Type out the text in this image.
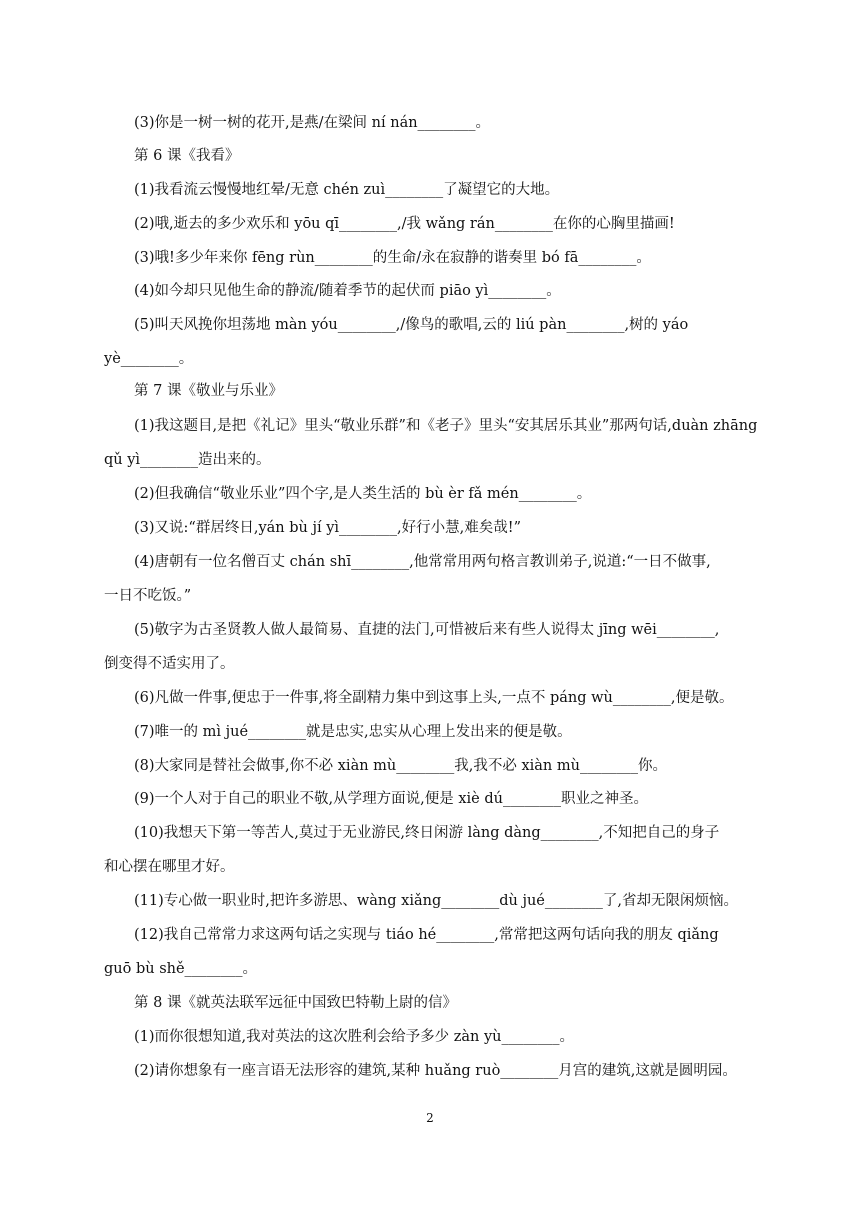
(3)你是一树一树的花开,是燕/在梁间 ní nán________。
第 6 课《我看》
(1)我看流云慢慢地红晕/无意 chén zuì________了凝望它的大地。
(2)哦,逝去的多少欢乐和 yōu qī________,/我 wǎng rán________在你的心胸里描画!
(3)哦!多少年来你 fēng rùn________的生命/永在寂静的谐奏里 bó fā________。
(4)如今却只见他生命的静流/随着季节的起伏而 piāo yì________。
(5)叫天风挽你坦荡地 màn yóu________,/像鸟的歌唱,云的 liú pàn________,树的 yáo
yè________。
第 7 课《敬业与乐业》
(1)我这题目,是把《礼记》里头“敬业乐群”和《老子》里头“安其居乐其业”那两句话,duàn zhāng
qǔ yì________造出来的。
(2)但我确信“敬业乐业”四个字,是人类生活的 bù èr fǎ mén________。
(3)又说:“群居终日,yán bù jí yì________,好行小慧,难矣哉!”
(4)唐朝有一位名僧百丈 chán shī________,他常常用两句格言教训弟子,说道:“一日不做事,
一日不吃饭。”
(5)敬字为古圣贤教人做人最简易、直捷的法门,可惜被后来有些人说得太 jīng wēi________,
倒变得不适实用了。
(6)凡做一件事,便忠于一件事,将全副精力集中到这事上头,一点不 páng wù________,便是敬。
(7)唯一的 mì jué________就是忠实,忠实从心理上发出来的便是敬。
(8)大家同是替社会做事,你不必 xiàn mù________我,我不必 xiàn mù________你。
(9)一个人对于自己的职业不敬,从学理方面说,便是 xiè dú________职业之神圣。
(10)我想天下第一等苦人,莫过于无业游民,终日闲游 làng dàng________,不知把自己的身子
和心摆在哪里才好。
(11)专心做一职业时,把许多游思、wàng xiǎng________dù jué________了,省却无限闲烦恼。
(12)我自己常常力求这两句话之实现与 tiáo hé________,常常把这两句话向我的朋友 qiǎng
guō bù shě________。
第 8 课《就英法联军远征中国致巴特勒上尉的信》
(1)而你很想知道,我对英法的这次胜利会给予多少 zàn yù________。
(2)请你想象有一座言语无法形容的建筑,某种 huǎng ruò________月宫的建筑,这就是圆明园。
2
